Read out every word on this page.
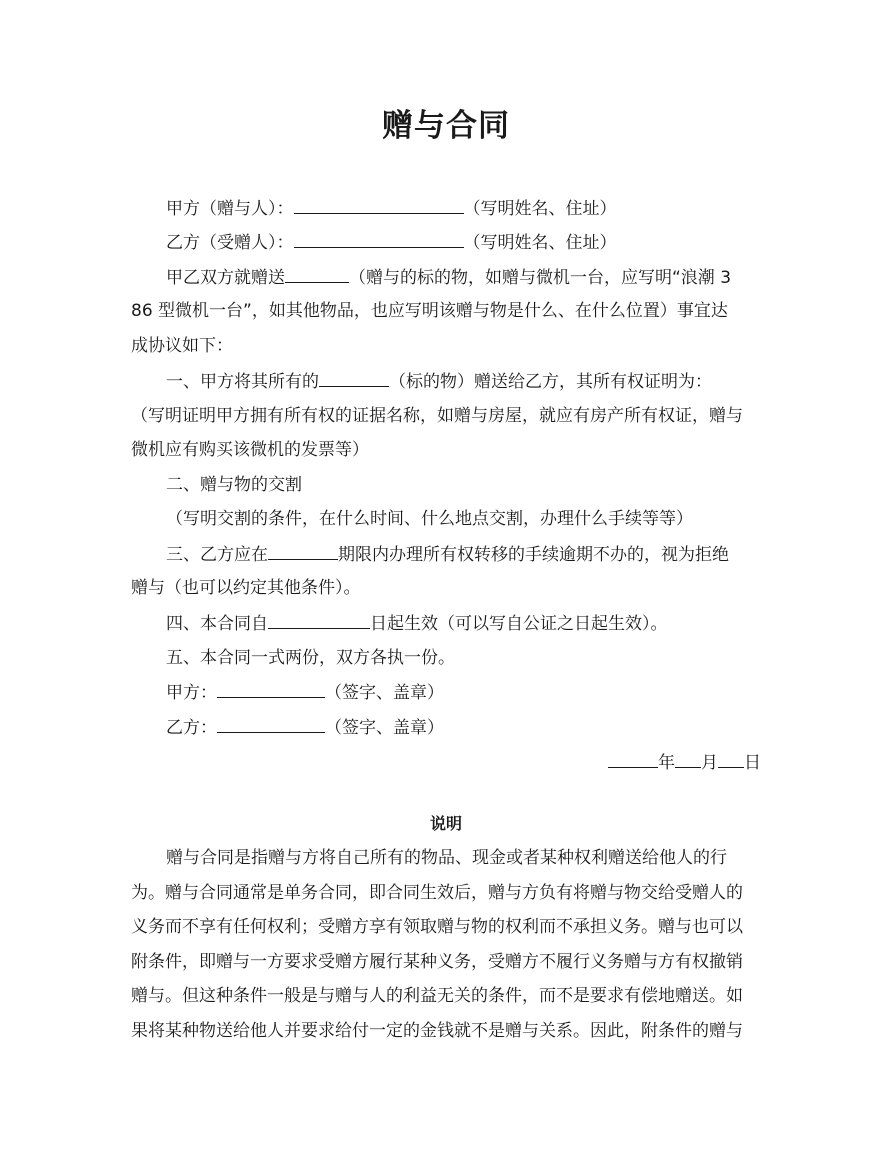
赠与合同
甲方（赠与人）：	（写明姓名、住址）
乙方（受赠人）：	（写明姓名、住址）
甲乙双方就赠送	（赠与的标的物，如赠与微机一台，应写明“浪潮 3
86 型微机一台”，如其他物品，也应写明该赠与物是什么、在什么位置）事宜达
成协议如下：
一、甲方将其所有的	（标的物）赠送给乙方，其所有权证明为：
（写明证明甲方拥有所有权的证据名称，如赠与房屋，就应有房产所有权证，赠与
微机应有购买该微机的发票等）
二、赠与物的交割
（写明交割的条件，在什么时间、什么地点交割，办理什么手续等等）
三、乙方应在	期限内办理所有权转移的手续逾期不办的，视为拒绝
赠与（也可以约定其他条件）。
四、本合同自	日起生效（可以写自公证之日起生效）。
五、本合同一式两份，双方各执一份。
甲方：	（签字、盖章）
乙方：	（签字、盖章）
年 月 日
说明
赠与合同是指赠与方将自己所有的物品、现金或者某种权利赠送给他人的行
为。赠与合同通常是单务合同，即合同生效后，赠与方负有将赠与物交给受赠人的
义务而不享有任何权利；受赠方享有领取赠与物的权利而不承担义务。赠与也可以
附条件，即赠与一方要求受赠方履行某种义务，受赠方不履行义务赠与方有权撤销
赠与。但这种条件一般是与赠与人的利益无关的条件，而不是要求有偿地赠送。如
果将某种物送给他人并要求给付一定的金钱就不是赠与关系。因此，附条件的赠与
